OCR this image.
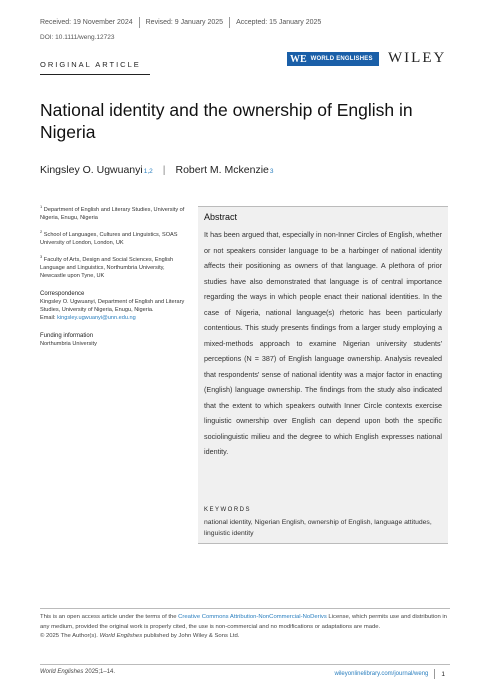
Received: 19 November 2024 Revised: 9 January 2025 Accepted: 15 January 2025
DOI: 10.1111/weng.12723
ORIGINAL ARTICLE	WE WORLD ENGLISHES WILEY
National identity and the ownership of English in Nigeria
Kingsley O. Ugwuanyi 1,2 | Robert M. Mckenzie 3
$^1$ Department of English and Literary Studies, University of Nigeria, Enugu, Nigeria
$^2$ School of Languages, Cultures and Linguistics, SOAS University of London, London, UK
$^3$ Faculty of Arts, Design and Social Sciences, English Language and Linguistics, Northumbria University, Newcastle upon Tyne, UK
Correspondence
Kingsley O. Ugwuanyi, Department of English and Literary Studies, University of Nigeria, Enugu, Nigeria.
Email: kingsley.ugwuanyi@unn.edu.ng
Funding information
Northumbria University
Abstract
It has been argued that, especially in non-Inner Circles of English, whether or not speakers consider language to be a harbinger of national identity affects their positioning as owners of that language. A plethora of prior studies have also demonstrated that language is of central importance regarding the ways in which people enact their national identities. In the case of Nigeria, national language(s) rhetoric has been particularly contentious. This study presents findings from a larger study employing a mixed-methods approach to examine Nigerian university students' perceptions (N = 387) of English language ownership. Analysis revealed that respondents' sense of national identity was a major factor in enacting (English) language ownership. The findings from the study also indicated that the extent to which speakers outwith Inner Circle contexts exercise linguistic ownership over English can depend upon both the specific sociolinguistic milieu and the degree to which English expresses national identity.
KEYWORDS
national identity, Nigerian English, ownership of English, language attitudes, linguistic identity
This is an open access article under the terms of the Creative Commons Attribution-NonCommercial-NoDerivs License, which permits use and distribution in any medium, provided the original work is properly cited, the use is non-commercial and no modifications or adaptations are made.
© 2025 The Author(s). World Englishes published by John Wiley & Sons Ltd.
World Englishes 2025;1–14.	wileyonlinelibrary.com/journal/weng 1
